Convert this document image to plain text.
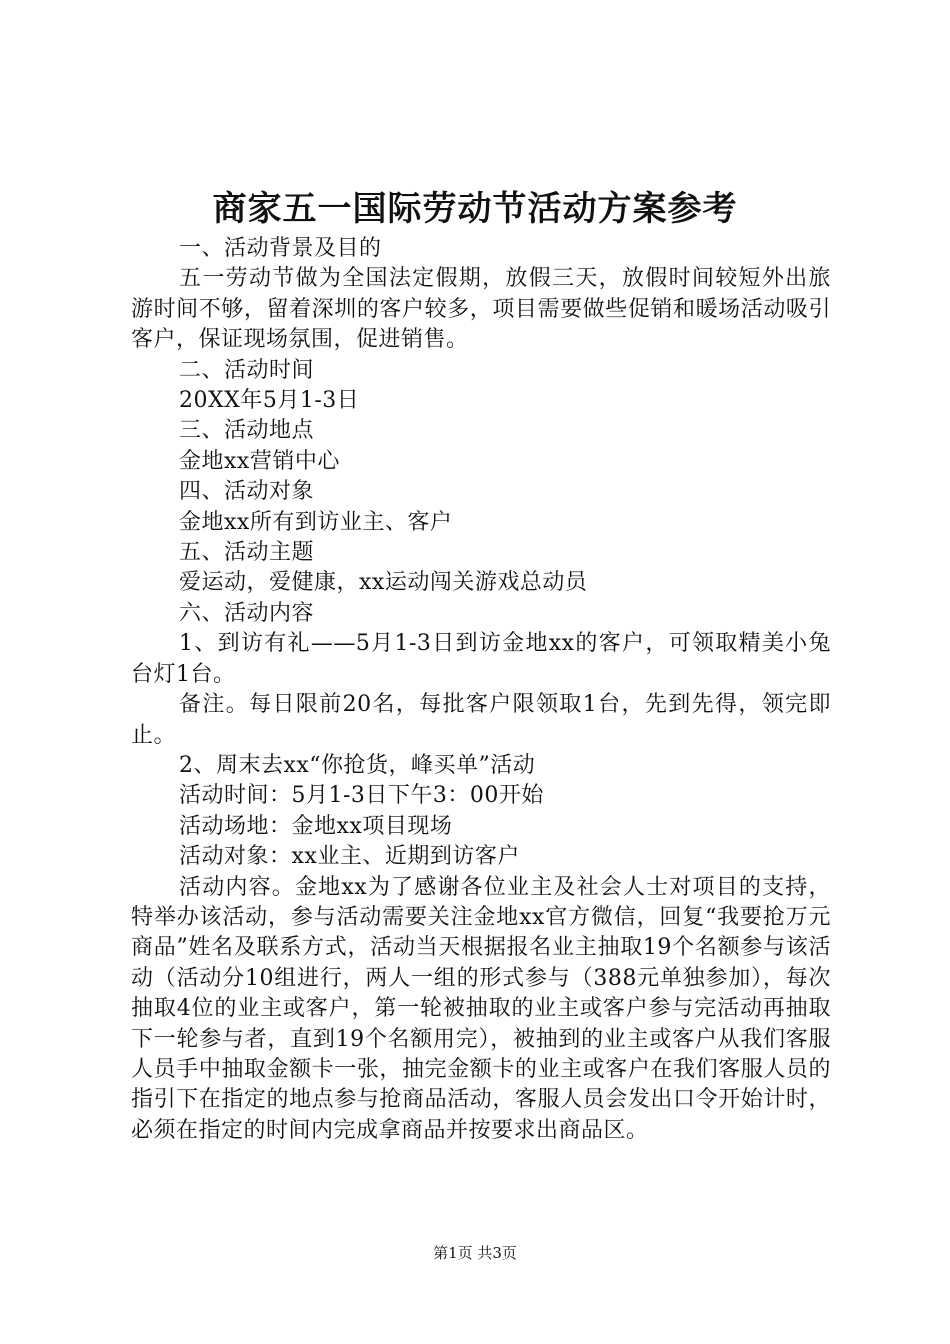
商家五一国际劳动节活动方案参考

一、活动背景及目的

五一劳动节做为全国法定假期，放假三天，放假时间较短外出旅游时间不够，留着深圳的客户较多，项目需要做些促销和暖场活动吸引客户，保证现场氛围，促进销售。

二、活动时间

20XX年5月1-3日

三、活动地点

金地xx营销中心

四、活动对象

金地xx所有到访业主、客户

五、活动主题

爱运动，爱健康，xx运动闯关游戏总动员

六、活动内容

1、到访有礼——5月1-3日到访金地xx的客户，可领取精美小兔台灯1台。

备注。每日限前20名，每批客户限领取1台，先到先得，领完即止。

2、周末去xx“你抢货，峰买单”活动

活动时间：5月1-3日下午3：00开始

活动场地：金地xx项目现场

活动对象：xx业主、近期到访客户

活动内容。金地xx为了感谢各位业主及社会人士对项目的支持，特举办该活动，参与活动需要关注金地xx官方微信，回复“我要抢万元商品”姓名及联系方式，活动当天根据报名业主抽取19个名额参与该活动（活动分10组进行，两人一组的形式参与（388元单独参加），每次抽取4位的业主或客户，第一轮被抽取的业主或客户参与完活动再抽取下一轮参与者，直到19个名额用完），被抽到的业主或客户从我们客服人员手中抽取金额卡一张，抽完金额卡的业主或客户在我们客服人员的指引下在指定的地点参与抢商品活动，客服人员会发出口令开始计时，必须在指定的时间内完成拿商品并按要求出商品区。

第1页 共3页
